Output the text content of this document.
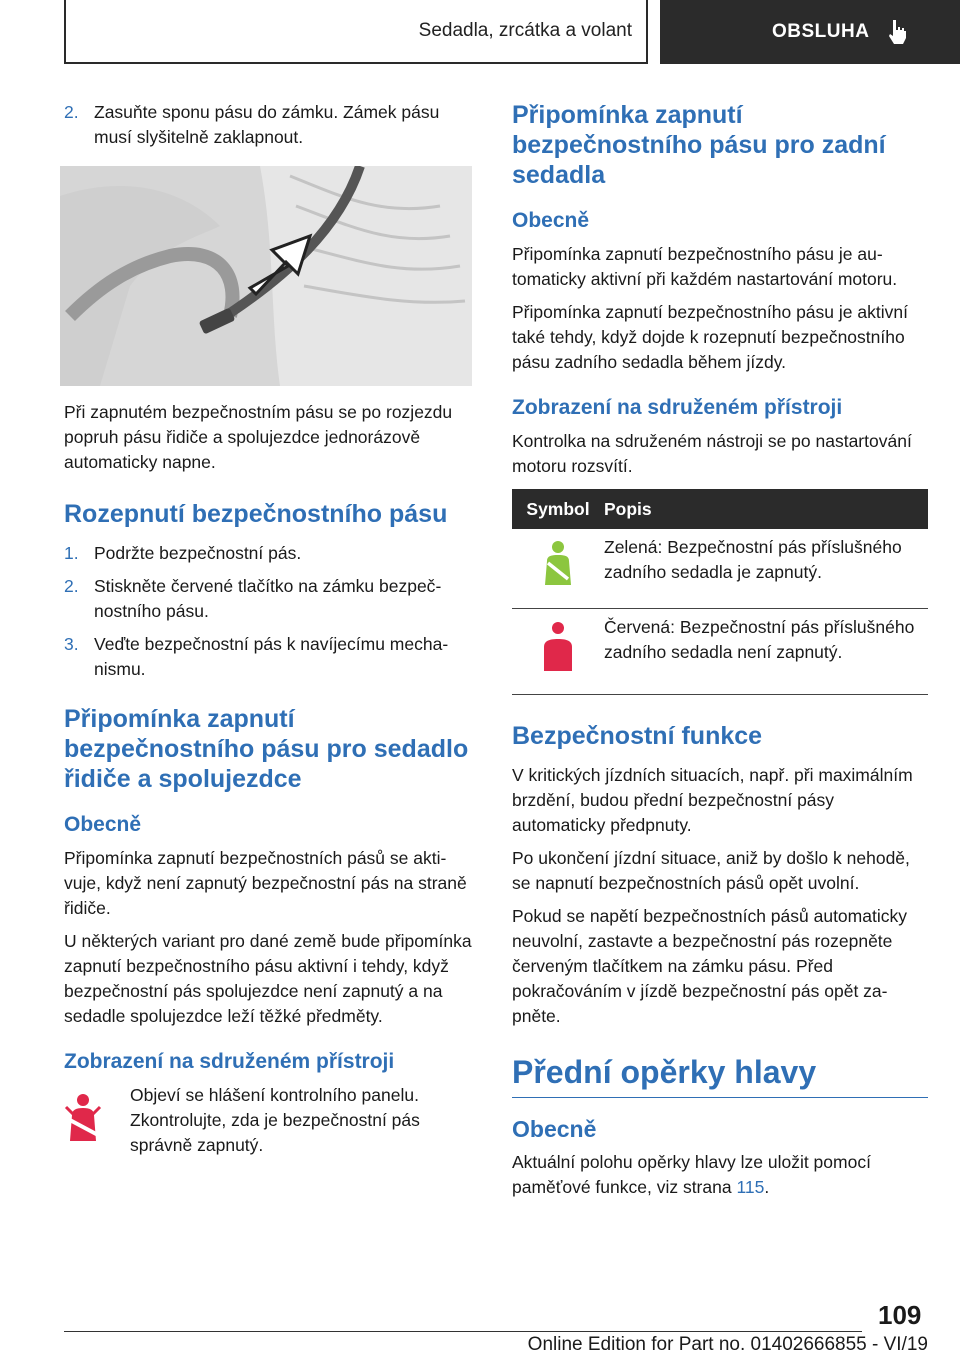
Sedadla, zrcátka a volant	OBSLUHA
2. Zasuňte sponu pásu do zámku. Zámek pásu musí slyšitelně zaklapnout.

Při zapnutém bezpečnostním pásu se po rozjezdu popruh pásu řidiče a spolujezdce jednorázově automaticky napne.

Rozepnutí bezpečnostního pásu
1. Podržte bezpečnostní pás.
2. Stiskněte červené tlačítko na zámku bezpečnostního pásu.
3. Veďte bezpečnostní pás k navíjecímu mechanismu.
Připomínka zapnutí bezpečnostního pásu pro sedadlo řidiče a spolujezdce
Obecně

Připomínka zapnutí bezpečnostních pásů se aktivuje, když není zapnutý bezpečnostní pás na straně řidiče.

U některých variant pro dané země bude připomínka zapnutí bezpečnostního pásu aktivní i tehdy, když bezpečnostní pás spolujezdce není zapnutý a na sedadle spolujezdce leží těžké předměty.

Zobrazení na sdruženém přístroji
Objeví se hlášení kontrolního panelu. Zkontrolujte, zda je bezpečnostní pás správně zapnutý.
Připomínka zapnutí bezpečnostního pásu pro zadní sedadla
Obecně

Připomínka zapnutí bezpečnostního pásu je automaticky aktivní při každém nastartování motoru.

Připomínka zapnutí bezpečnostního pásu je aktivní také tehdy, když dojde k rozepnutí bezpečnostního pásu zadního sedadla během jízdy.

Zobrazení na sdruženém přístroji

Kontrolka na sdruženém nástroji se po nastartování motoru rozsvítí.

Symbol	Popis
	Zelená: Bezpečnostní pás příslušného zadního sedadla je zapnutý.
	Červená: Bezpečnostní pás příslušného zadního sedadla není zapnutý.
Bezpečnostní funkce

V kritických jízdních situacích, např. při maximálním brzdění, budou přední bezpečnostní pásy automaticky předpnuty.

Po ukončení jízdní situace, aniž by došlo k nehodě, se napnutí bezpečnostních pásů opět uvolní.

Pokud se napětí bezpečnostních pásů automaticky neuvolní, zastavte a bezpečnostní pás rozepněte červeným tlačítkem na zámku pásu. Před pokračováním v jízdě bezpečnostní pás opět zapněte.

Přední opěrky hlavy
Obecně

Aktuální polohu opěrky hlavy lze uložit pomocí paměťové funkce, viz strana 115.

109
Online Edition for Part no. 01402666855 - VI/19
